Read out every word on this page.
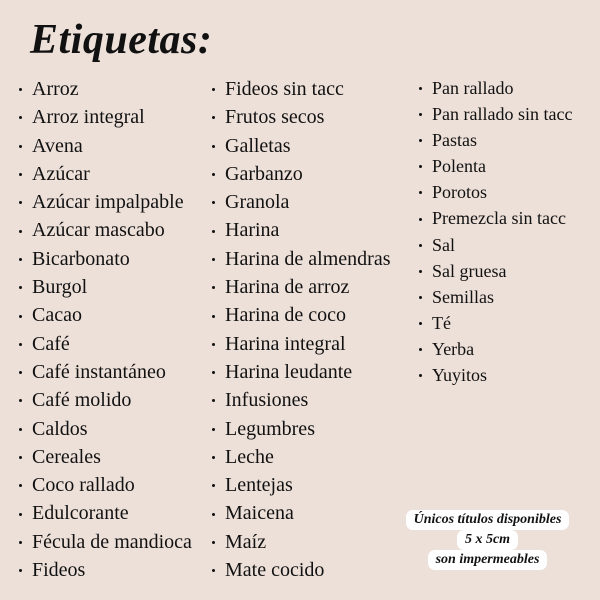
Etiquetas:
Arroz
Arroz integral
Avena
Azúcar
Azúcar impalpable
Azúcar mascabo
Bicarbonato
Burgol
Cacao
Café
Café instantáneo
Café molido
Caldos
Cereales
Coco rallado
Edulcorante
Fécula de mandioca
Fideos
Fideos sin tacc
Frutos secos
Galletas
Garbanzo
Granola
Harina
Harina de almendras
Harina de arroz
Harina de coco
Harina integral
Harina leudante
Infusiones
Legumbres
Leche
Lentejas
Maicena
Maíz
Mate cocido
Pan rallado
Pan rallado sin tacc
Pastas
Polenta
Porotos
Premezcla sin tacc
Sal
Sal gruesa
Semillas
Té
Yerba
Yuyitos
Únicos títulos disponibles
5 x 5cm
son impermeables
